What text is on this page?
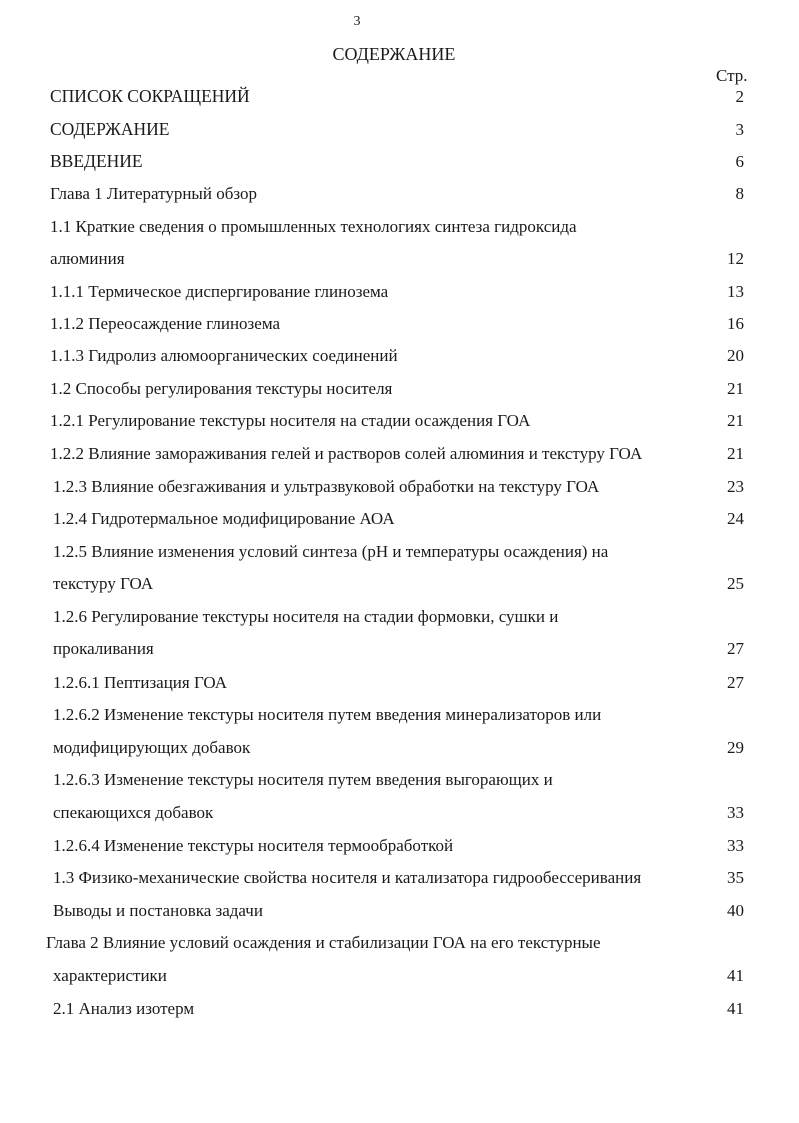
3
СОДЕРЖАНИЕ
Стр.
СПИСОК СОКРАЩЕНИЙ	2
СОДЕРЖАНИЕ	3
ВВЕДЕНИЕ	6
Глава 1 Литературный обзор	8
1.1 Краткие сведения о промышленных технологиях синтеза гидроксида
алюминия	12
1.1.1 Термическое диспергирование глинозема	13
1.1.2 Переосаждение глинозема	16
1.1.3 Гидролиз алюмоорганических соединений	20
1.2 Способы регулирования текстуры носителя	21
1.2.1 Регулирование текстуры носителя на стадии осаждения ГОА	21
1.2.2 Влияние замораживания гелей и растворов солей алюминия и текстуру ГОА	21
1.2.3 Влияние обезгаживания и ультразвуковой обработки на текстуру ГОА	23
1.2.4 Гидротермальное модифицирование АОА	24
1.2.5 Влияние изменения условий синтеза (рН и температуры осаждения) на
текстуру ГОА	25
1.2.6 Регулирование текстуры носителя на стадии формовки, сушки и
прокаливания	27
1.2.6.1 Пептизация ГОА	27
1.2.6.2 Изменение текстуры носителя путем введения минерализаторов или
модифицирующих добавок	29
1.2.6.3 Изменение текстуры носителя путем введения выгорающих и
спекающихся добавок	33
1.2.6.4 Изменение текстуры носителя термообработкой	33
1.3 Физико-механические свойства носителя и катализатора гидрообессеривания	35
Выводы и постановка задачи	40
Глава 2 Влияние условий осаждения и стабилизации ГОА на его текстурные
характеристики	41
2.1 Анализ изотерм	41
